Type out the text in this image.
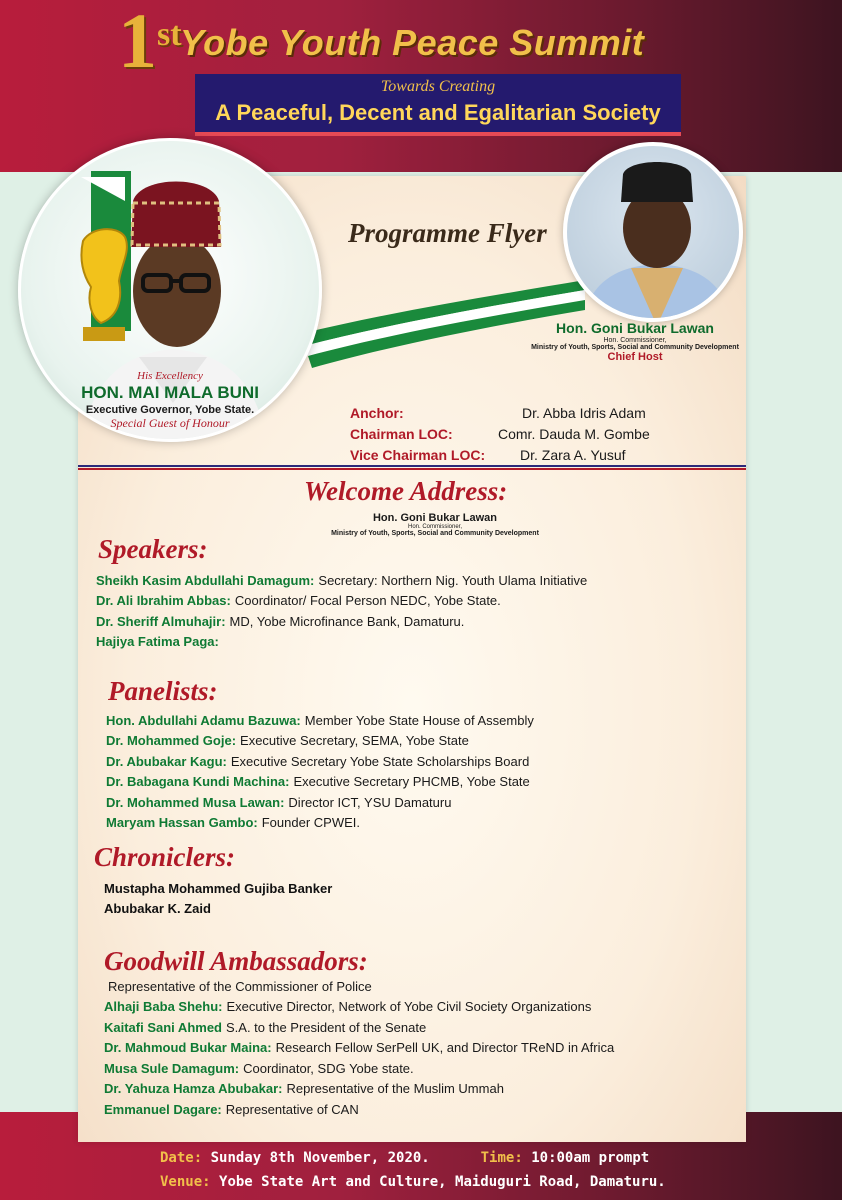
1st
Yobe Youth Peace Summit
Towards Creating
A Peaceful, Decent and Egalitarian Society
Programme Flyer
His Excellency
HON. MAI MALA BUNI
Executive Governor, Yobe State.
Special Guest of Honour
Hon. Goni Bukar Lawan
Hon. Commissioner,
Ministry of Youth, Sports, Social and Community Development
Chief Host
Anchor:	Dr. Abba Idris Adam
Chairman LOC:	Comr. Dauda M. Gombe
Vice Chairman LOC:	Dr. Zara A. Yusuf
Welcome Address:
Hon. Goni Bukar Lawan
Hon. Commissioner,
Ministry of Youth, Sports, Social and Community Development
Speakers:
Sheikh Kasim Abdullahi Damagum: Secretary: Northern Nig. Youth Ulama Initiative
Dr. Ali Ibrahim Abbas: Coordinator/ Focal Person NEDC, Yobe State.
Dr. Sheriff Almuhajir: MD, Yobe Microfinance Bank, Damaturu.
Hajiya Fatima Paga:
Panelists:
Hon. Abdullahi Adamu Bazuwa: Member Yobe State House of Assembly
Dr. Mohammed Goje: Executive Secretary, SEMA, Yobe State
Dr. Abubakar Kagu: Executive Secretary Yobe State Scholarships Board
Dr. Babagana Kundi Machina: Executive Secretary PHCMB, Yobe State
Dr. Mohammed Musa Lawan: Director ICT, YSU Damaturu
Maryam Hassan Gambo: Founder CPWEI.
Chroniclers:
Mustapha Mohammed Gujiba Banker
Abubakar K. Zaid
Goodwill Ambassadors:
Representative of the Commissioner of Police
Alhaji Baba Shehu: Executive Director, Network of Yobe Civil Society Organizations
Kaitafi Sani Ahmed S.A. to the President of the Senate
Dr. Mahmoud Bukar Maina: Research Fellow SerPell UK, and Director TReND in Africa
Musa Sule Damagum: Coordinator, SDG Yobe state.
Dr. Yahuza Hamza Abubakar: Representative of the Muslim Ummah
Emmanuel Dagare: Representative of CAN
Date: Sunday 8th November, 2020.	Time: 10:00am prompt
Venue: Yobe State Art and Culture, Maiduguri Road, Damaturu.
